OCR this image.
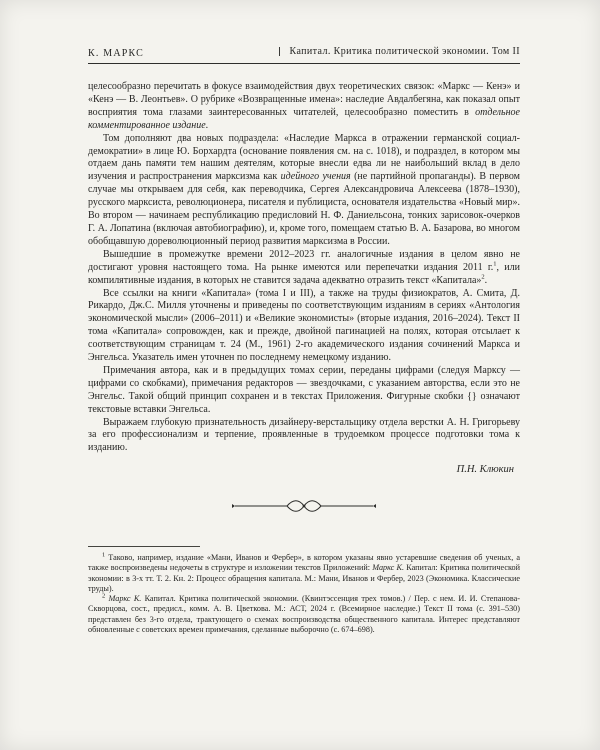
К. МАРКС	Капитал. Критика политической экономии. Том II

целесообразно перечитать в фокусе взаимодействия двух теоретических связок: «Маркс — Кенэ» и «Кенэ — В. Леонтьев». О рубрике «Возвращенные имена»: наследие Авдалбегяна, как показал опыт восприятия тома глазами заинтересованных читателей, целесообразно поместить в отдельное комментированное издание.

Том дополняют два новых подраздела: «Наследие Маркса в отражении германской социал-демократии» в лице Ю. Борхардта (основание появления см. на с. 1018), и подраздел, в котором мы отдаем дань памяти тем нашим деятелям, которые внесли едва ли не наибольший вклад в дело изучения и распространения марксизма как идейного учения (не партийной пропаганды). В первом случае мы открываем для себя, как переводчика, Сергея Александровича Алексеева (1878–1930), русского марксиста, революционера, писателя и публициста, основателя издательства «Новый мир». Во втором — начинаем республикацию предисловий Н. Ф. Даниельсона, тонких зарисовок-очерков Г. А. Лопатина (включая автобиографию), и, кроме того, помещаем статью В. А. Базарова, во многом обобщавшую дореволюционный период развития марксизма в России.

Вышедшие в промежутке времени 2012–2023 гг. аналогичные издания в целом явно не достигают уровня настоящего тома. На рынке имеются или перепечатки издания 2011 г.$^1$, или компилятивные издания, в которых не ставится задача адекватно отразить текст «Капитала»$^2$.

Все ссылки на книги «Капитала» (тома I и III), а также на труды физиократов, А. Смита, Д. Рикардо, Дж.С. Милля уточнены и приведены по соответствующим изданиям в сериях «Антология экономической мысли» (2006–2011) и «Великие экономисты» (вторые издания, 2016–2024). Текст II тома «Капитала» сопровожден, как и прежде, двойной пагинацией на полях, которая отсылает к соответствующим страницам т. 24 (М., 1961) 2-го академического издания сочинений Маркса и Энгельса. Указатель имен уточнен по последнему немецкому изданию.

Примечания автора, как и в предыдущих томах серии, переданы цифрами (следуя Марксу — цифрами со скобками), примечания редакторов — звездочками, с указанием авторства, если это не Энгельс. Такой общий принцип сохранен и в текстах Приложения. Фигурные скобки {} означают текстовые вставки Энгельса.

Выражаем глубокую признательность дизайнеру-верстальщику отдела верстки А. Н. Григорьеву за его профессионализм и терпение, проявленные в трудоемком процессе подготовки тома к изданию.

П.Н. Клюкин

$^1$ Таково, например, издание «Мани, Иванов и Фербер», в котором указаны явно устаревшие сведения об ученых, а также воспроизведены недочеты в структуре и изложении текстов Приложений: Маркс К. Капитал: Критика политической экономии: в 3-х тт. Т. 2. Кн. 2: Процесс обращения капитала. М.: Мани, Иванов и Фербер, 2023 (Экономика. Классические труды).

$^2$ Маркс К. Капитал. Критика политической экономии. (Квинтэссенция трех томов.) / Пер. с нем. И. И. Степанова-Скворцова, сост., предисл., комм. А. В. Цветкова. М.: АСТ, 2024 г. (Всемирное наследие.) Текст II тома (с. 391–530) представлен без 3-го отдела, трактующего о схемах воспроизводства общественного капитала. Интерес представляют обновленные с советских времен примечания, сделанные выборочно (с. 674–698).
